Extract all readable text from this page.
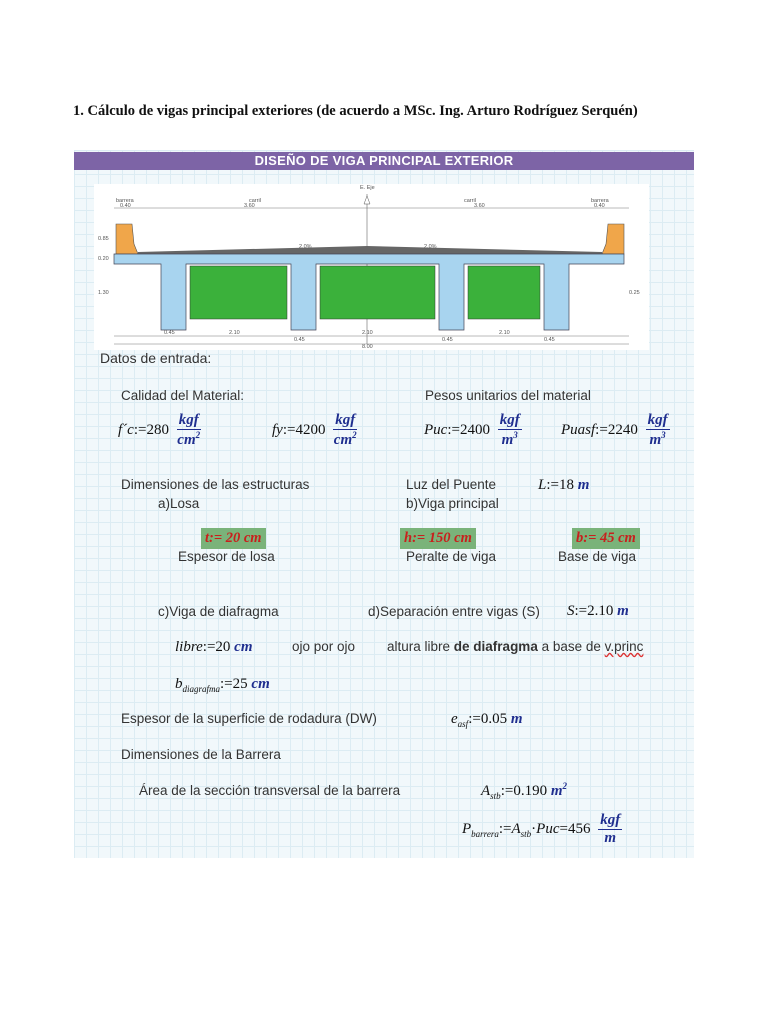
1. Cálculo de vigas principal exteriores (de acuerdo a MSc. Ing. Arturo Rodríguez Serquén)
DISEÑO DE VIGA PRINCIPAL EXTERIOR
barrera	carril	carril	barrera
E. Eje
0.40	3.60	3.60	0.40
2.0%	2.0%
0.85
0.20
1.30	0.25
0.45	2.10
0.45
2.10
0.45
2.10
0.45
8.00
Datos de entrada:
Calidad del Material:	Pesos unitarios del material
f´c:=280 $\frac{\text{kgf}}{cm^2}$	fy:=4200 $\frac{\text{kgf}}{cm^2}$	Puc:=2400 $\frac{\text{kgf}}{m^3}$	Puasf:=2240 $\frac{\text{kgf}}{m^3}$
Dimensiones de las estructuras
a)Losa
Luz del Puente
b)Viga principal
L:=18 m
t:= 20 cm	h:= 150 cm	b:= 45 cm
Espesor de losa	Peralte de viga	Base de viga
c)Viga de diafragma	d)Separación entre vigas (S) S:=2.10 m
libre:=20 cm	ojo por ojo altura libre de diafragma a base de v.princ
$b_{diagrafma}:=25$ cm
Espesor de la superficie de rodadura (DW)	$e_{asf}:=0.05$ m
Dimensiones de la Barrera
Área de la sección transversal de la barrera	$A_{stb}:=0.190$ $m^2$
$P_{barrera}:=A_{stb}\cdot Puc=456 \frac{\text{kgf}}{m}$
